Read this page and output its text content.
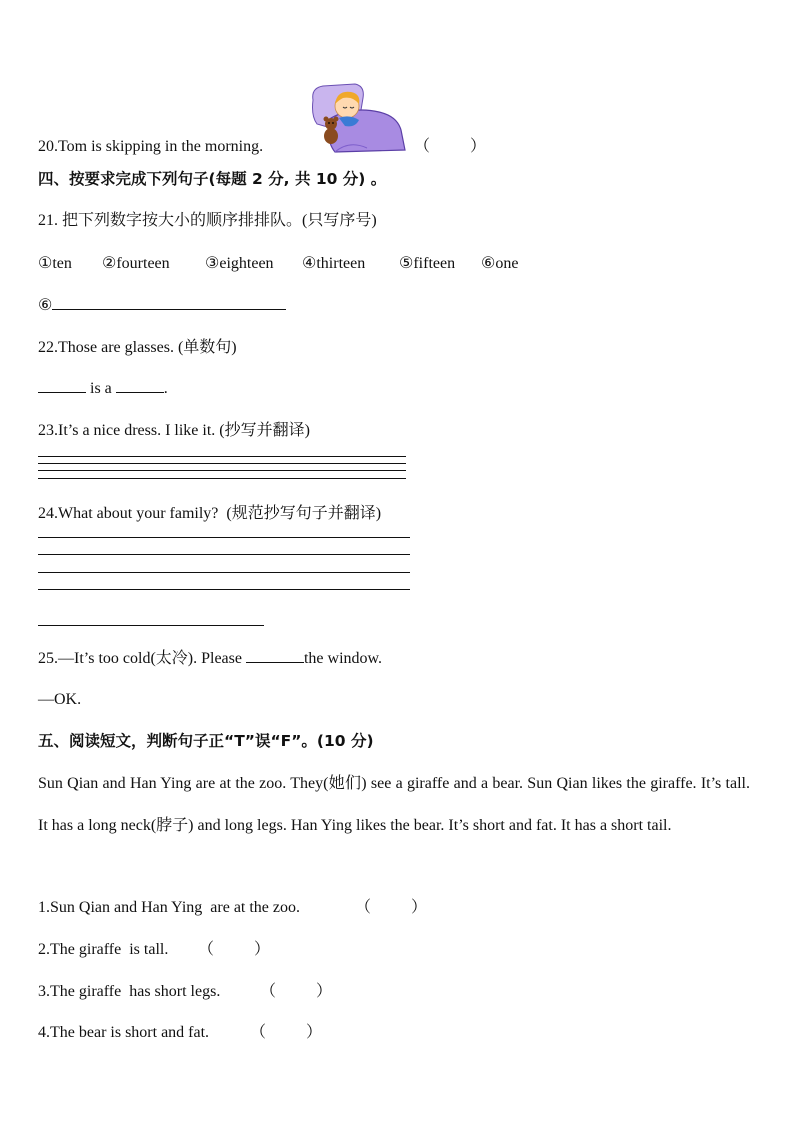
20.Tom is skipping in the morning.	（          ）
四、按要求完成下列句子(每题 2 分, 共 10 分) 。
21. 把下列数字按大小的顺序排排队。(只写序号)
①ten ②fourteen ③eighteen ④thirteen ⑤fifteen ⑥one
⑥
22.Those are glasses. (单数句)
is a	.
23.It’s a nice dress. I like it. (抄写并翻译)
24.What about your family?  (规范抄写句子并翻译)
25.—It’s too cold(太冷). Please	the window.
—OK.
五、阅读短文，判断句子正“T”误“F”。(10 分)
Sun Qian and Han Ying are at the zoo. They(她们) see a giraffe and a bear. Sun Qian likes the giraffe. It’s tall. It has a long neck(脖子) and long legs. Han Ying likes the bear. It’s short and fat. It has a short tail.
1.Sun Qian and Han Ying  are at the zoo.	（          ）
2.The giraffe  is tall. （          ）
3.The giraffe  has short legs. （          ）
4.The bear is short and fat.	（          ）
